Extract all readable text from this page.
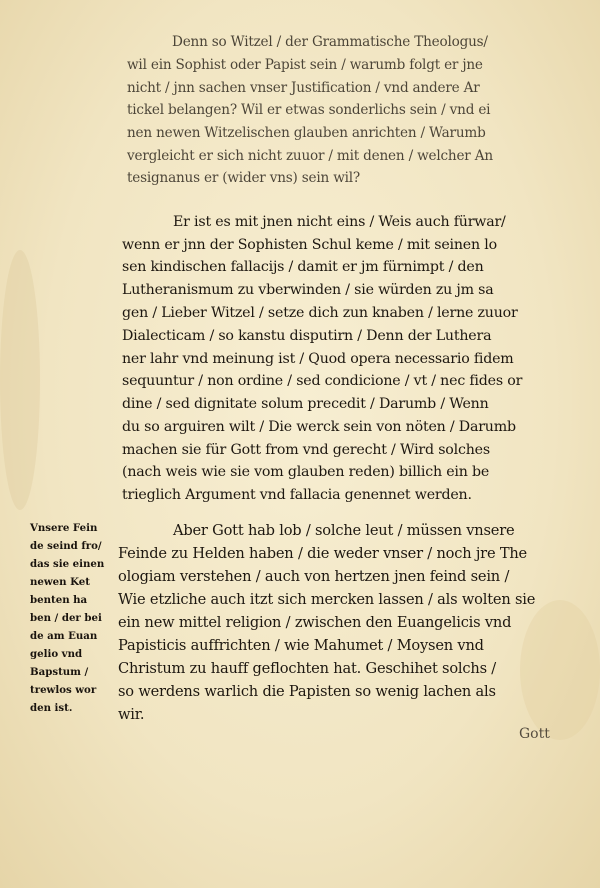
Denn so Witzel / der Grammatische Theologus/
wil ein Sophist oder Papist sein / warumb folgt er jne
nicht / jnn sachen vnser Justification / vnd andere Ar
tickel belangen? Wil er etwas sonderlichs sein / vnd ei
nen newen Witzelischen glauben anrichten / Warumb
vergleicht er sich nicht zuuor / mit denen / welcher An
tesignanus er (wider vns) sein wil?
Er ist es mit jnen nicht eins / Weis auch fürwar/
wenn er jnn der Sophisten Schul keme / mit seinen lo
sen kindischen fallacijs / damit er jm fürnimpt / den
Lutheranismum zu vberwinden / sie würden zu jm sa
gen / Lieber Witzel / setze dich zun knaben / lerne zuuor
Dialecticam / so kanstu disputirn / Denn der Luthera
ner lahr vnd meinung ist / Quod opera necessario fidem
sequuntur / non ordine / sed condicione / vt / nec fides or
dine / sed dignitate solum precedit / Darumb / Wenn
du so arguiren wilt / Die werck sein von nöten / Darumb
machen sie für Gott from vnd gerecht / Wird solches
(nach weis wie sie vom glauben reden) billich ein be
trieglich Argument vnd fallacia genennet werden.
Aber Gott hab lob / solche leut / müssen vnsere
Feinde zu Helden haben / die weder vnser / noch jre The
ologiam verstehen / auch von hertzen jnen feind sein /
Wie etzliche auch itzt sich mercken lassen / als wolten sie
ein new mittel religion / zwischen den Euangelicis vnd
Papisticis auffrichten / wie Mahumet / Moysen vnd
Christum zu hauff geflochten hat. Geschihet solchs /
so werdens warlich die Papisten so wenig lachen als
wir.
Vnsere Fein
de seind fro/
das sie einen
newen Ket
benten ha
ben / der bei
de am Euan
gelio vnd
Bapstum /
trewlos wor
den ist.
Gott
